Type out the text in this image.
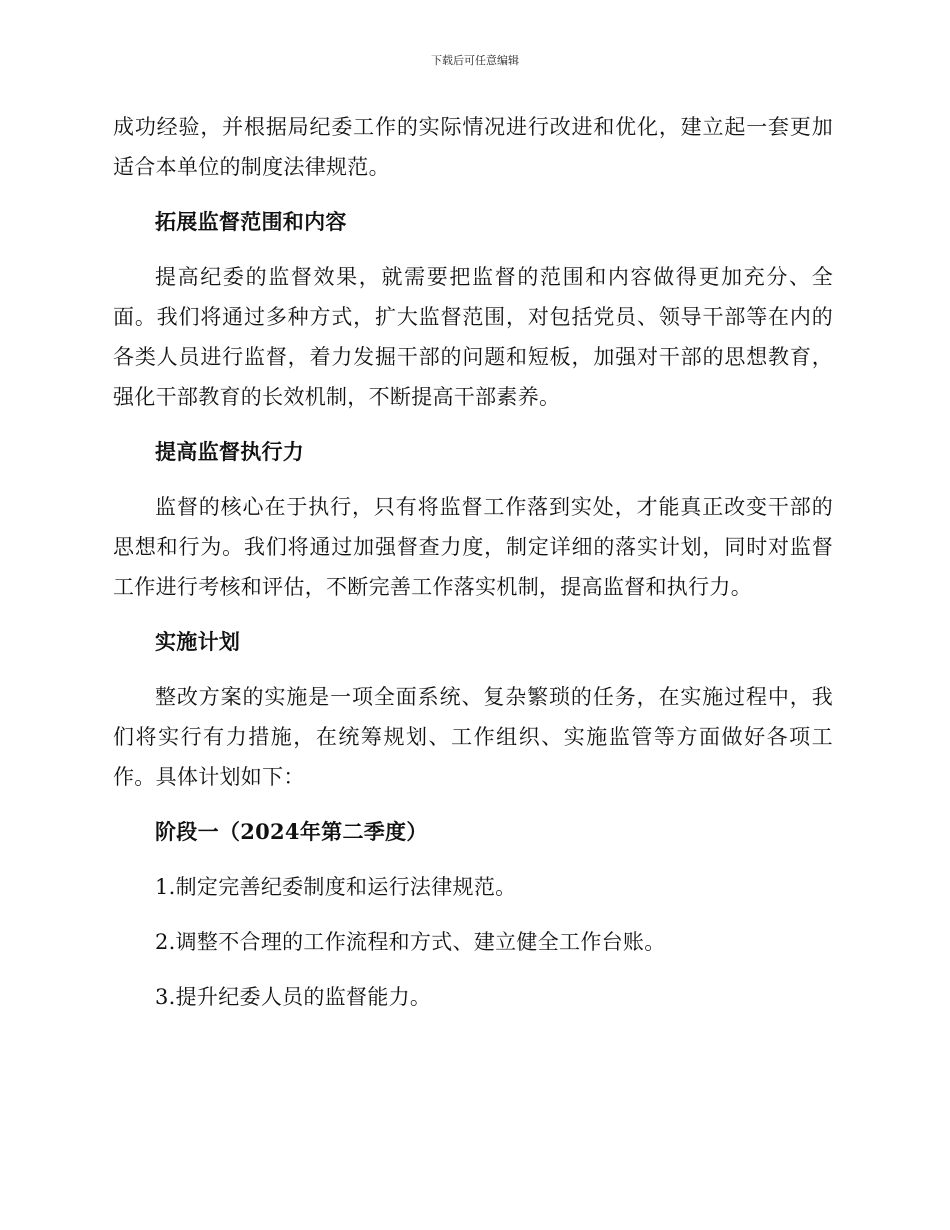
下载后可任意编辑

成功经验，并根据局纪委工作的实际情况进行改进和优化，建立起一套更加适合本单位的制度法律规范。

拓展监督范围和内容

提高纪委的监督效果，就需要把监督的范围和内容做得更加充分、全面。我们将通过多种方式，扩大监督范围，对包括党员、领导干部等在内的各类人员进行监督，着力发掘干部的问题和短板，加强对干部的思想教育，强化干部教育的长效机制，不断提高干部素养。

提高监督执行力

监督的核心在于执行，只有将监督工作落到实处，才能真正改变干部的思想和行为。我们将通过加强督查力度，制定详细的落实计划，同时对监督工作进行考核和评估，不断完善工作落实机制，提高监督和执行力。

实施计划

整改方案的实施是一项全面系统、复杂繁琐的任务，在实施过程中，我们将实行有力措施，在统筹规划、工作组织、实施监管等方面做好各项工作。具体计划如下：

阶段一（2024年第二季度）

1.制定完善纪委制度和运行法律规范。

2.调整不合理的工作流程和方式、建立健全工作台账。

3.提升纪委人员的监督能力。
